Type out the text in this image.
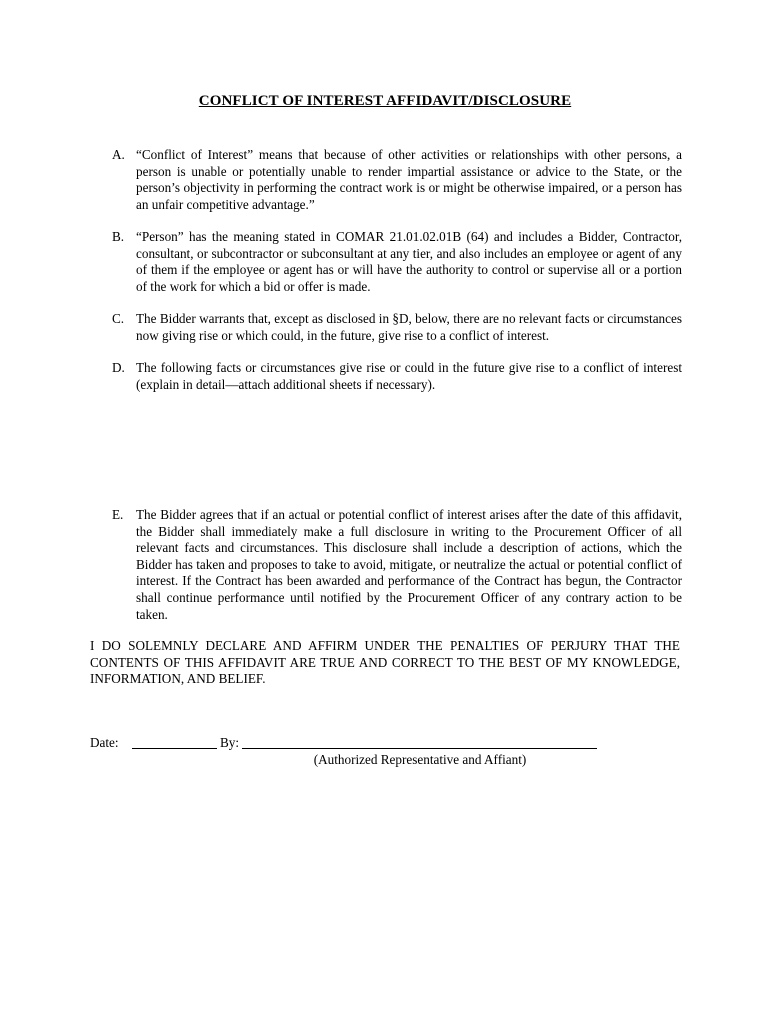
CONFLICT OF INTEREST AFFIDAVIT/DISCLOSURE
A. “Conflict of Interest” means that because of other activities or relationships with other persons, a person is unable or potentially unable to render impartial assistance or advice to the State, or the person’s objectivity in performing the contract work is or might be otherwise impaired, or a person has an unfair competitive advantage.”
B. “Person” has the meaning stated in COMAR 21.01.02.01B (64) and includes a Bidder, Contractor, consultant, or subcontractor or subconsultant at any tier, and also includes an employee or agent of any of them if the employee or agent has or will have the authority to control or supervise all or a portion of the work for which a bid or offer is made.
C. The Bidder warrants that, except as disclosed in §D, below, there are no relevant facts or circumstances now giving rise or which could, in the future, give rise to a conflict of interest.
D. The following facts or circumstances give rise or could in the future give rise to a conflict of interest (explain in detail—attach additional sheets if necessary).
E. The Bidder agrees that if an actual or potential conflict of interest arises after the date of this affidavit, the Bidder shall immediately make a full disclosure in writing to the Procurement Officer of all relevant facts and circumstances. This disclosure shall include a description of actions, which the Bidder has taken and proposes to take to avoid, mitigate, or neutralize the actual or potential conflict of interest. If the Contract has been awarded and performance of the Contract has begun, the Contractor shall continue performance until notified by the Procurement Officer of any contrary action to be taken.
I DO SOLEMNLY DECLARE AND AFFIRM UNDER THE PENALTIES OF PERJURY THAT THE CONTENTS OF THIS AFFIDAVIT ARE TRUE AND CORRECT TO THE BEST OF MY KNOWLEDGE, INFORMATION, AND BELIEF.
Date:	By:
(Authorized Representative and Affiant)
